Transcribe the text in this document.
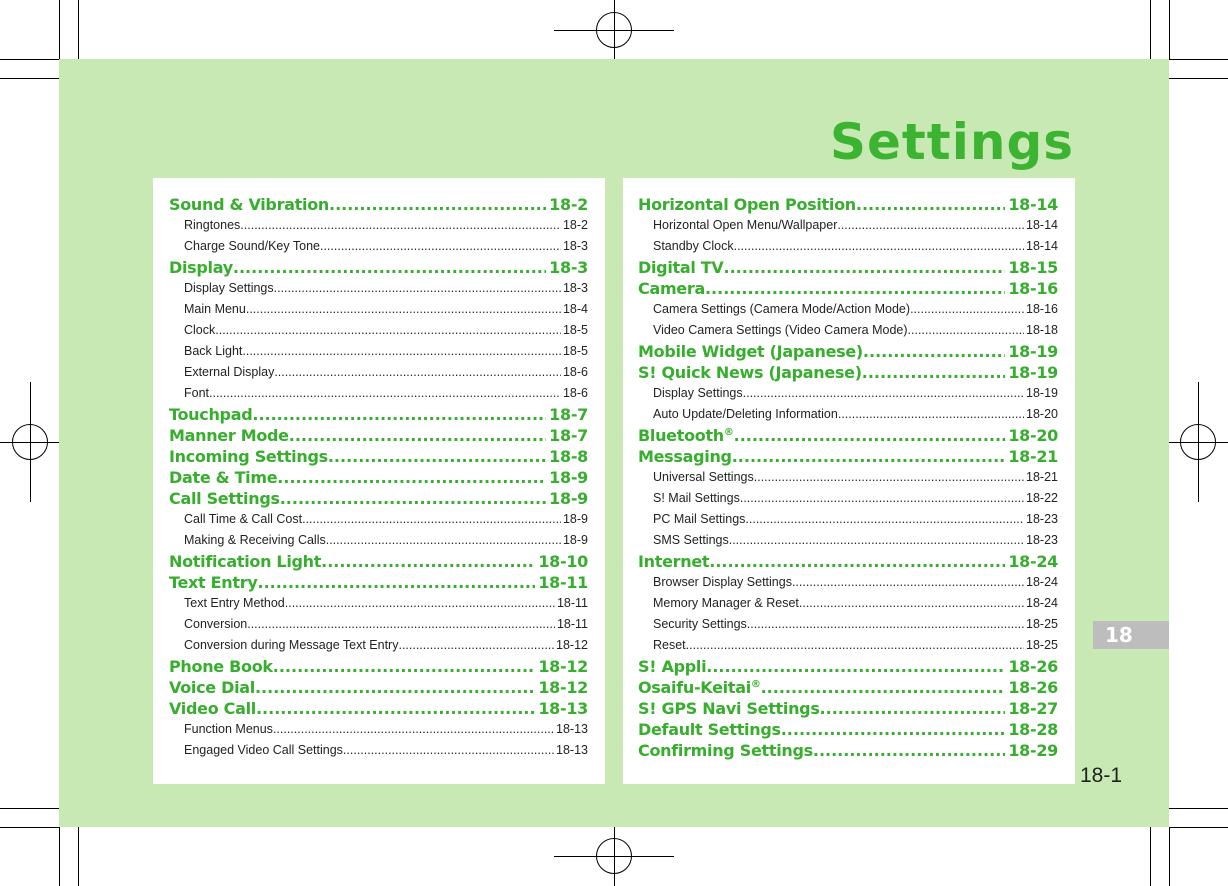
Settings
Sound & Vibration .....	18-2
Ringtones .....	18-2
Charge Sound/Key Tone .....	18-3
Display .....	18-3
Display Settings .....	18-3
Main Menu .....	18-4
Clock .....	18-5
Back Light .....	18-5
External Display .....	18-6
Font .....	18-6
Touchpad .....	18-7
Manner Mode .....	18-7
Incoming Settings .....	18-8
Date & Time .....	18-9
Call Settings .....	18-9
Call Time & Call Cost .....	18-9
Making & Receiving Calls .....	18-9
Notification Light .....	18-10
Text Entry .....	18-11
Text Entry Method .....	18-11
Conversion .....	18-11
Conversion during Message Text Entry .....	18-12
Phone Book .....	18-12
Voice Dial .....	18-12
Video Call .....	18-13
Function Menus .....	18-13
Engaged Video Call Settings .....	18-13
Horizontal Open Position .....	18-14
Horizontal Open Menu/Wallpaper .....	18-14
Standby Clock .....	18-14
Digital TV .....	18-15
Camera .....	18-16
Camera Settings (Camera Mode/Action Mode) .....	18-16
Video Camera Settings (Video Camera Mode) .....	18-18
Mobile Widget (Japanese) .....	18-19
S! Quick News (Japanese) .....	18-19
Display Settings .....	18-19
Auto Update/Deleting Information .....	18-20
Bluetooth® .....	18-20
Messaging .....	18-21
Universal Settings .....	18-21
S! Mail Settings .....	18-22
PC Mail Settings .....	18-23
SMS Settings .....	18-23
Internet .....	18-24
Browser Display Settings .....	18-24
Memory Manager & Reset .....	18-24
Security Settings .....	18-25
Reset .....	18-25
S! Appli .....	18-26
Osaifu-Keitai® .....	18-26
S! GPS Navi Settings .....	18-27
Default Settings .....	18-28
Confirming Settings .....	18-29
18
18-1
